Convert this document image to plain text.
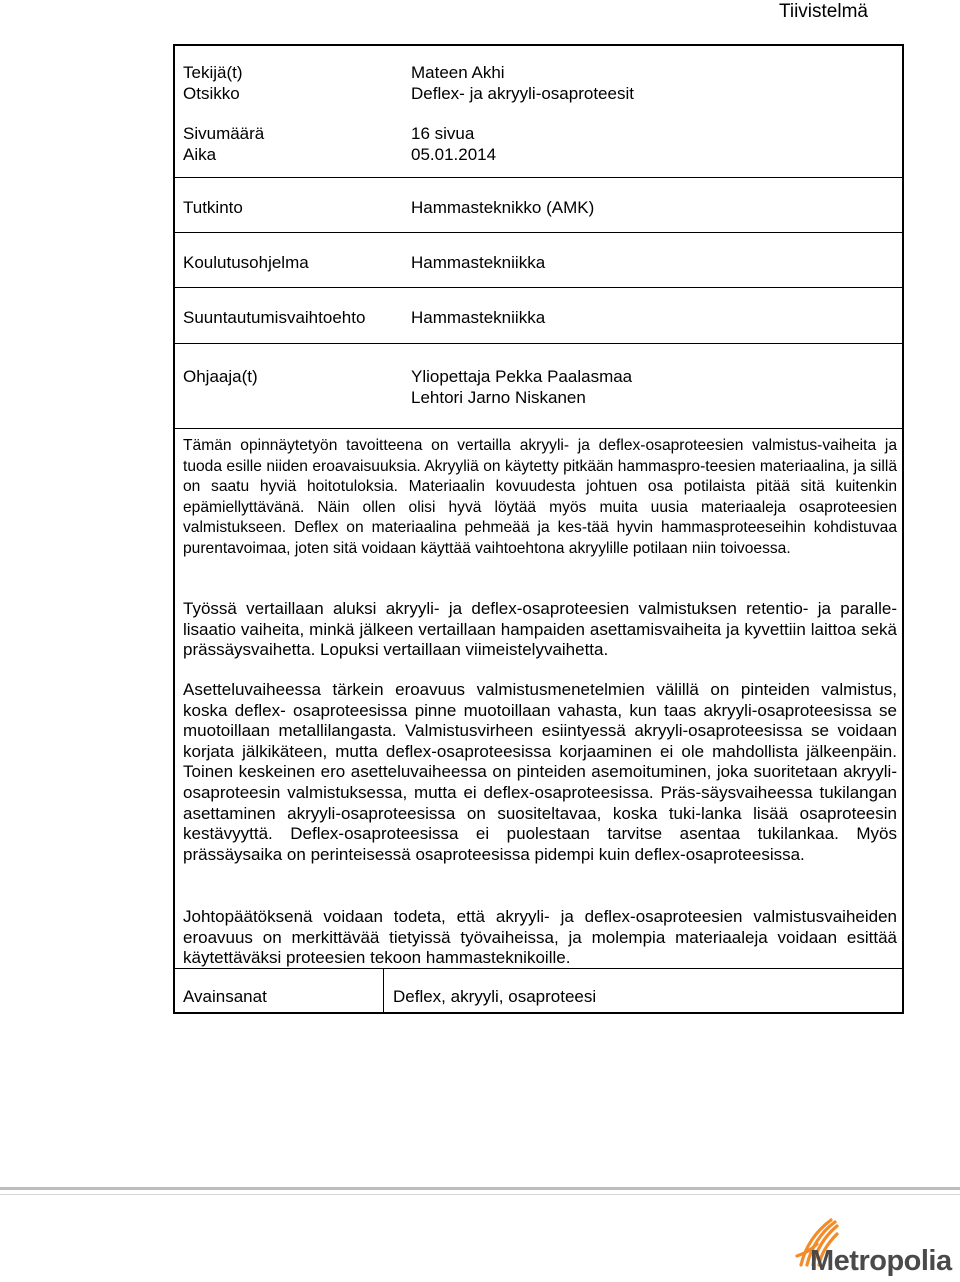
Tiivistelmä
Tekijä(t)	Mateen Akhi
Otsikko	Deflex- ja akryyli-osaproteesit
Sivumäärä	16 sivua
Aika	05.01.2014
Tutkinto	Hammasteknikko (AMK)
Koulutusohjelma	Hammastekniikka
Suuntautumisvaihtoehto	Hammastekniikka
Ohjaaja(t)	Yliopettaja Pekka Paalasmaa
Lehtori Jarno Niskanen
Tämän opinnäytetyön tavoitteena on vertailla akryyli- ja deflex-osaproteesien valmistus-vaiheita ja tuoda esille niiden eroavaisuuksia. Akryyliä on käytetty pitkään hammaspro-teesien materiaalina, ja sillä on saatu hyviä hoitotuloksia. Materiaalin kovuudesta johtuen osa potilaista pitää sitä kuitenkin epämiellyttävänä. Näin ollen olisi hyvä löytää myös muita uusia materiaaleja osaproteesien valmistukseen. Deflex on materiaalina pehmeää ja kes-tää hyvin hammasproteeseihin kohdistuvaa purentavoimaa, joten sitä voidaan käyttää vaihtoehtona akryylille potilaan niin toivoessa.
Työssä vertaillaan aluksi akryyli- ja deflex-osaproteesien valmistuksen retentio- ja paralle-lisaatio vaiheita, minkä jälkeen vertaillaan hampaiden asettamisvaiheita ja kyvettiin laittoa sekä prässäysvaihetta. Lopuksi vertaillaan viimeistelyvaihetta.
Asetteluvaiheessa tärkein eroavuus valmistusmenetelmien välillä on pinteiden valmistus, koska deflex- osaproteesissa pinne muotoillaan vahasta, kun taas akryyli-osaproteesissa se muotoillaan metallilangasta. Valmistusvirheen esiintyessä akryyli-osaproteesissa se voidaan korjata jälkikäteen, mutta deflex-osaproteesissa korjaaminen ei ole mahdollista jälkeenpäin. Toinen keskeinen ero asetteluvaiheessa on pinteiden asemoituminen, joka suoritetaan akryyli-osaproteesin valmistuksessa, mutta ei deflex-osaproteesissa. Präs-säysvaiheessa tukilangan asettaminen akryyli-osaproteesissa on suositeltavaa, koska tuki-lanka lisää osaproteesin kestävyyttä. Deflex-osaproteesissa ei puolestaan tarvitse asentaa tukilankaa. Myös prässäysaika on perinteisessä osaproteesissa pidempi kuin deflex-osaproteesissa.
Johtopäätöksenä voidaan todeta, että akryyli- ja deflex-osaproteesien valmistusvaiheiden eroavuus on merkittävää tietyissä työvaiheissa, ja molempia materiaaleja voidaan esittää käytettäväksi proteesien tekoon hammasteknikoille.
Avainsanat	Deflex, akryyli, osaproteesi
Metropolia
